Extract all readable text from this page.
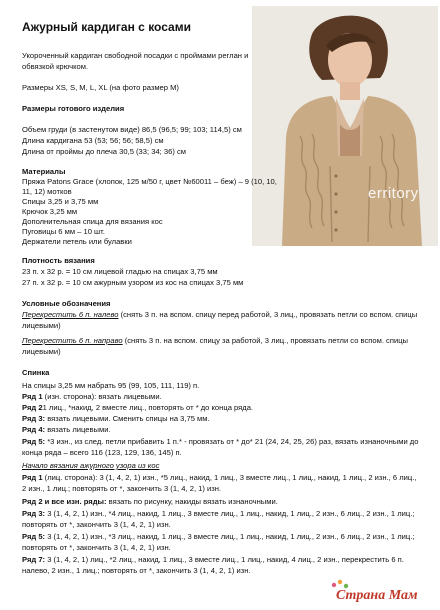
Ажурный кардиган с косами
erritory
Укороченный кардиган свободной посадки с проймами реглан и
обвязкой крючком.
Размеры XS, S, M, L, XL (на фото размер М)
Размеры готового изделия
Объем груди (в застенутом виде) 86,5 (96,5; 99; 103; 114,5) см
Длина кардигана 53 (53; 56; 56; 58,5) см
Длина от проймы до плеча 30,5 (33; 34; 36) см
Материалы
Пряжа Patons Grace (хлопок, 125 м/50 г, цвет №60011 – беж) – 9 (10, 10,
11, 12) мотков
Спицы 3,25 и 3,75 мм
Крючок 3,25 мм
Дополнительная спица для вязания кос
Пуговицы 6 мм – 10 шт.
Держатели петель или булавки
Плотность вязания
23 п. х 32 р. = 10 см лицевой гладью на спицах 3,75 мм
27 п. х 32 р. = 10 см ажурным узором из кос на спицах 3,75 мм
Условные обозначения
Перекрестить 6 п. налево (снять 3 п. на вспом. спицу перед работой, 3 лиц., провязать петли со вспом. спицы лицевыми)
Перекрестить 6 п. направо (снять 3 п. на вспом. спицу за работой, 3 лиц., провязать петли со вспом. спицы лицевыми)
Спинка
На спицы 3,25 мм набрать 95 (99, 105, 111, 119) п.
Ряд 1 (изн. сторона): вязать лицевыми.
Ряд 21 лиц., *накид, 2 вместе лиц., повторять от * до конца ряда.
Ряд 3: вязать лицевыми. Сменить спицы на 3,75 мм.
Ряд 4: вязать лицевыми.
Ряд 5: *3 изн., из след. петли прибавить 1 п.* - провязать от * до* 21 (24, 24, 25, 26) раз, вязать изнаночными до конца ряда – всего 116 (123, 129, 136, 145) п.
Начало вязания ажурного узора из кос
Ряд 1 (лиц. сторона): 3 (1, 4, 2, 1) изн., *5 лиц., накид, 1 лиц., 3 вместе лиц., 1 лиц., накид, 1 лиц., 2 изн., 6 лиц., 2 изн., 1 лиц.; повторять от *, закончить 3 (1, 4, 2, 1) изн.
Ряд 2 и все изн. ряды: вязать по рисунку, накиды вязать изнаночными.
Ряд 3: 3 (1, 4, 2, 1) изн., *4 лиц., накид, 1 лиц., 3 вместе лиц., 1 лиц., накид, 1 лиц., 2 изн., 6 лиц., 2 изн., 1 лиц.; повторять от *, закончить 3 (1, 4, 2, 1) изн.
Ряд 5: 3 (1, 4, 2, 1) изн., *3 лиц., накид, 1 лиц., 3 вместе лиц., 1 лиц., накид, 1 лиц., 2 изн., 6 лиц., 2 изн., 1 лиц.; повторять от *, закончить 3 (1, 4, 2, 1) изн.
Ряд 7: 3 (1, 4, 2, 1) лиц., *2 лиц., накид, 1 лиц., 3 вместе лиц., 1 лиц., накид, 4 лиц., 2 изн., перекрестить 6 п. налево, 2 изн., 1 лиц.; повторять от *, закончить 3 (1, 4, 2, 1) изн.
Страна Мам
